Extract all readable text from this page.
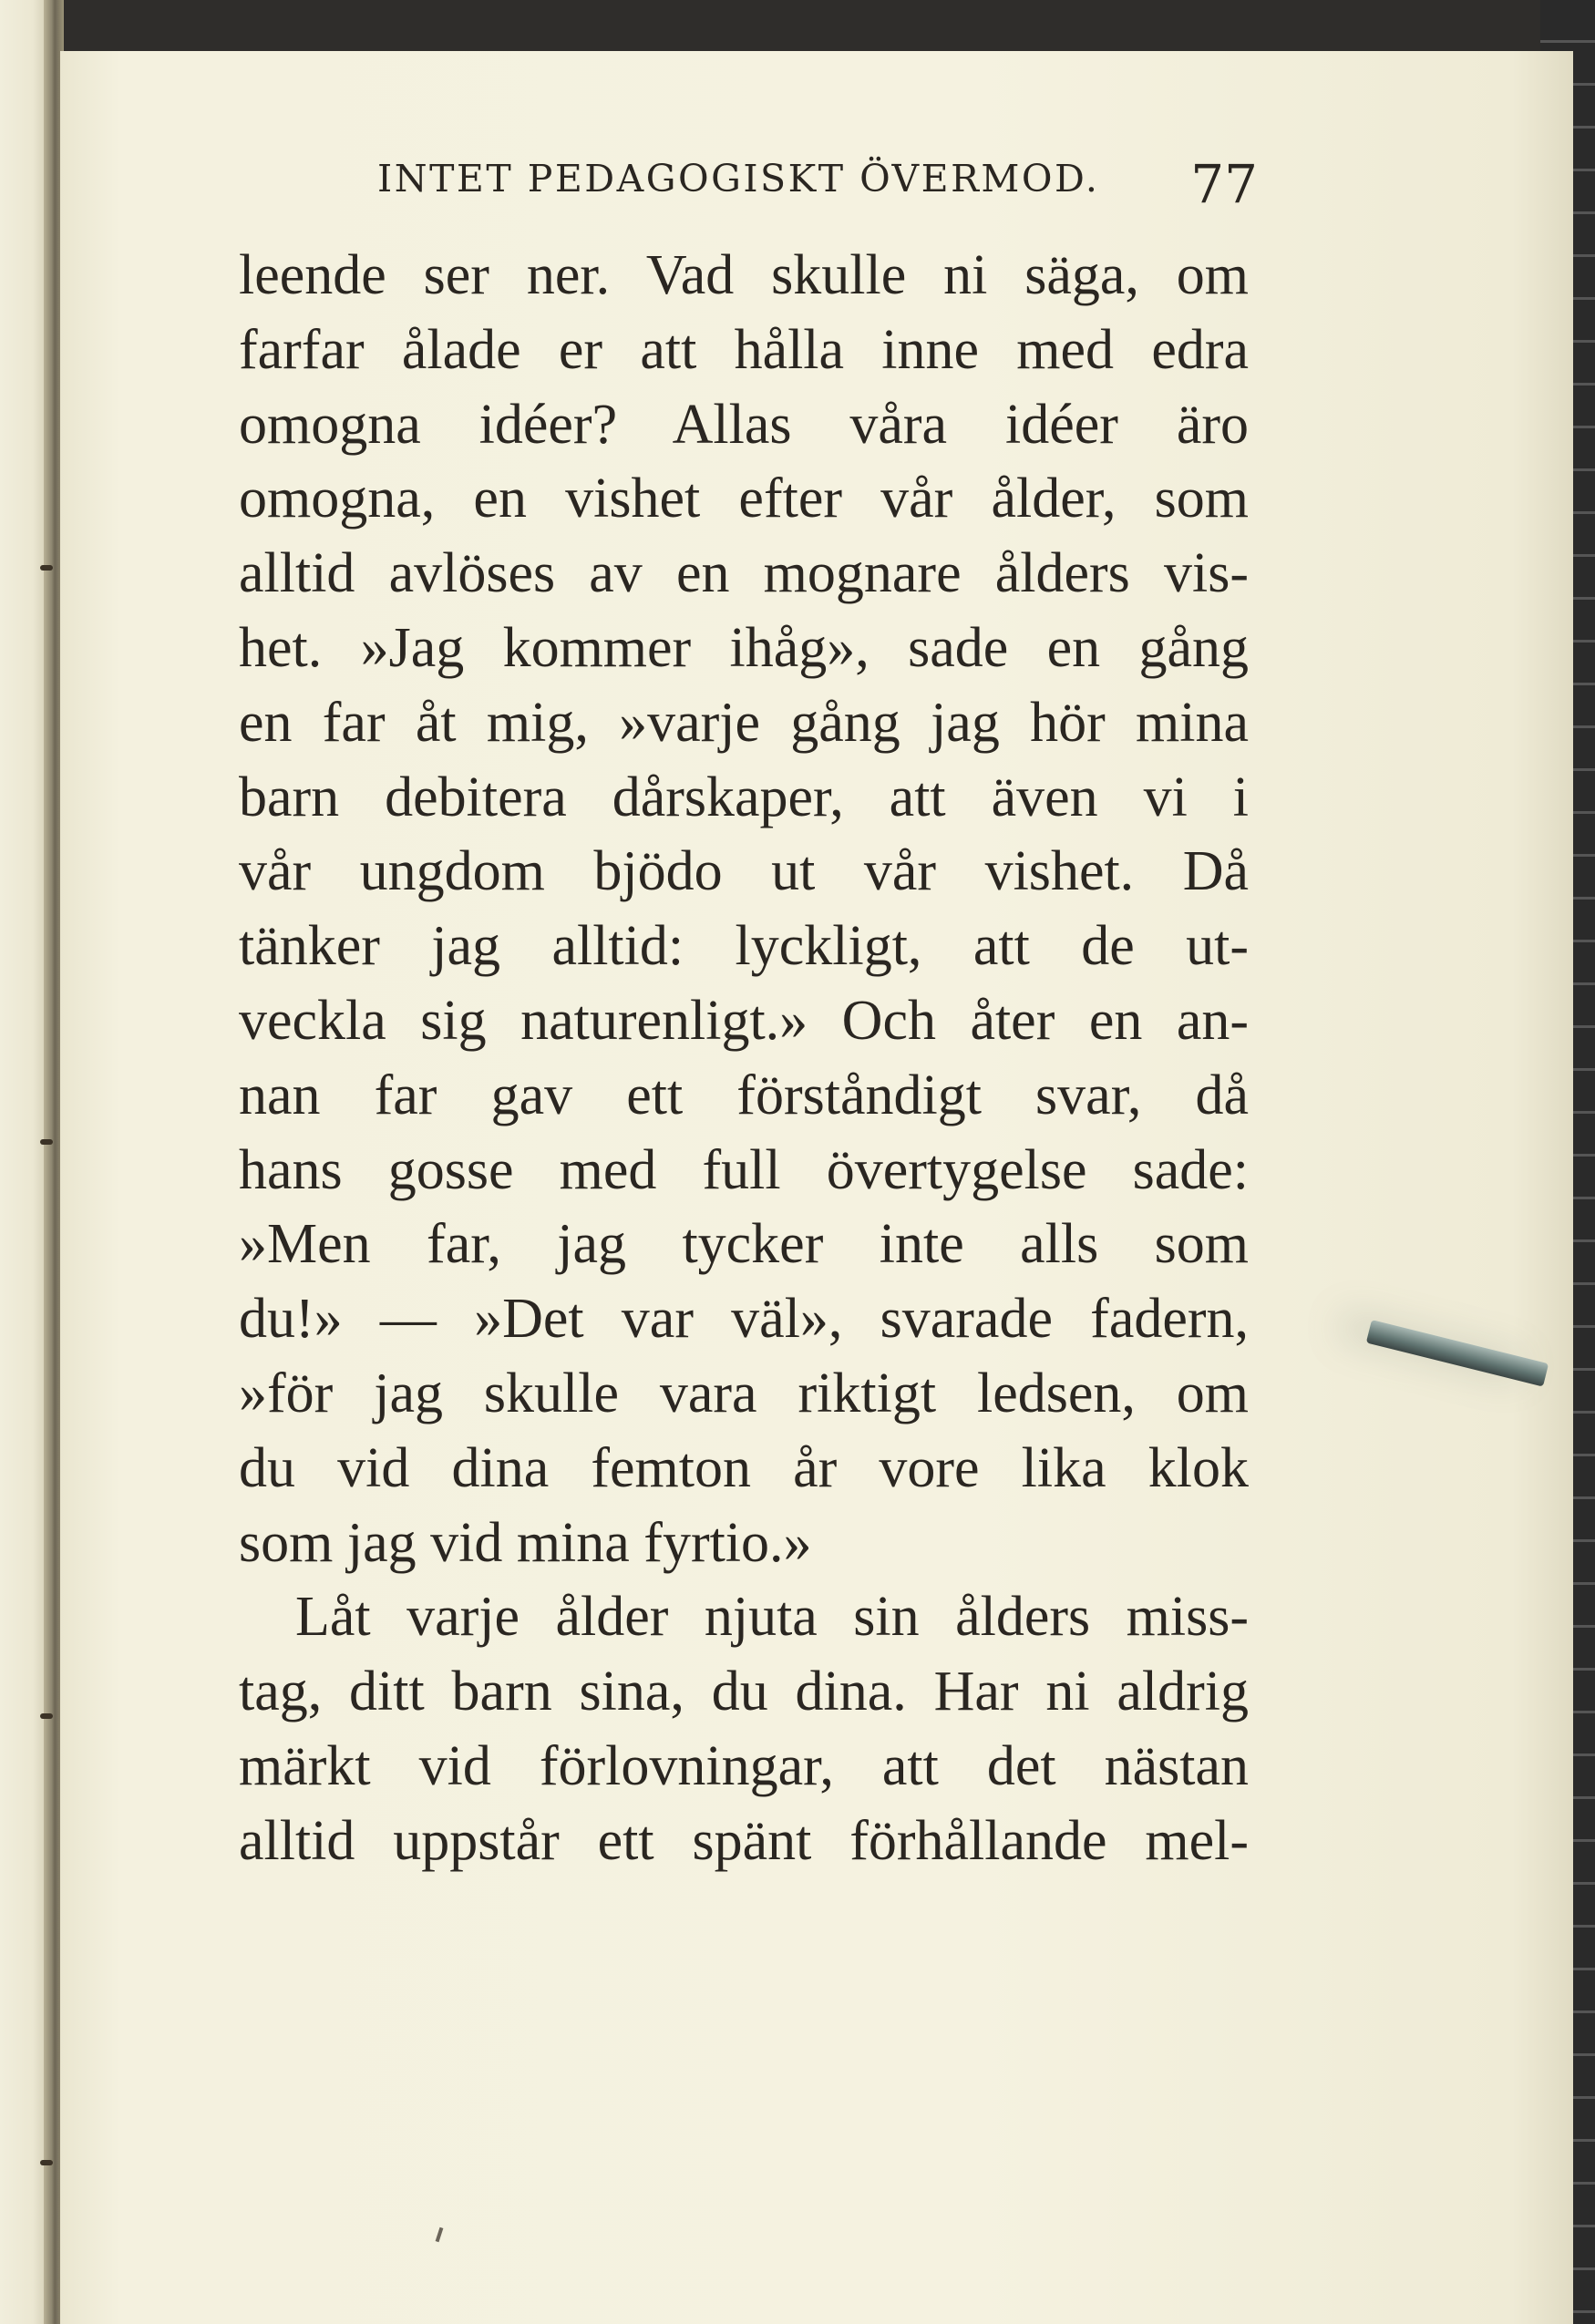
INTET PEDAGOGISKT ÖVERMOD. 77
leende ser ner. Vad skulle ni säga, om
farfar ålade er att hålla inne med edra
omogna idéer? Allas våra idéer äro
omogna, en vishet efter vår ålder, som
alltid avlöses av en mognare ålders vis-
het. »Jag kommer ihåg», sade en gång
en far åt mig, »varje gång jag hör mina
barn debitera dårskaper, att även vi i
vår ungdom bjödo ut vår vishet. Då
tänker jag alltid: lyckligt, att de ut-
veckla sig naturenligt.» Och åter en an-
nan far gav ett förståndigt svar, då
hans gosse med full övertygelse sade:
»Men far, jag tycker inte alls som
du!» — »Det var väl», svarade fadern,
»för jag skulle vara riktigt ledsen, om
du vid dina femton år vore lika klok
som jag vid mina fyrtio.»
Låt varje ålder njuta sin ålders miss-
tag, ditt barn sina, du dina. Har ni aldrig
märkt vid förlovningar, att det nästan
alltid uppstår ett spänt förhållande mel-
